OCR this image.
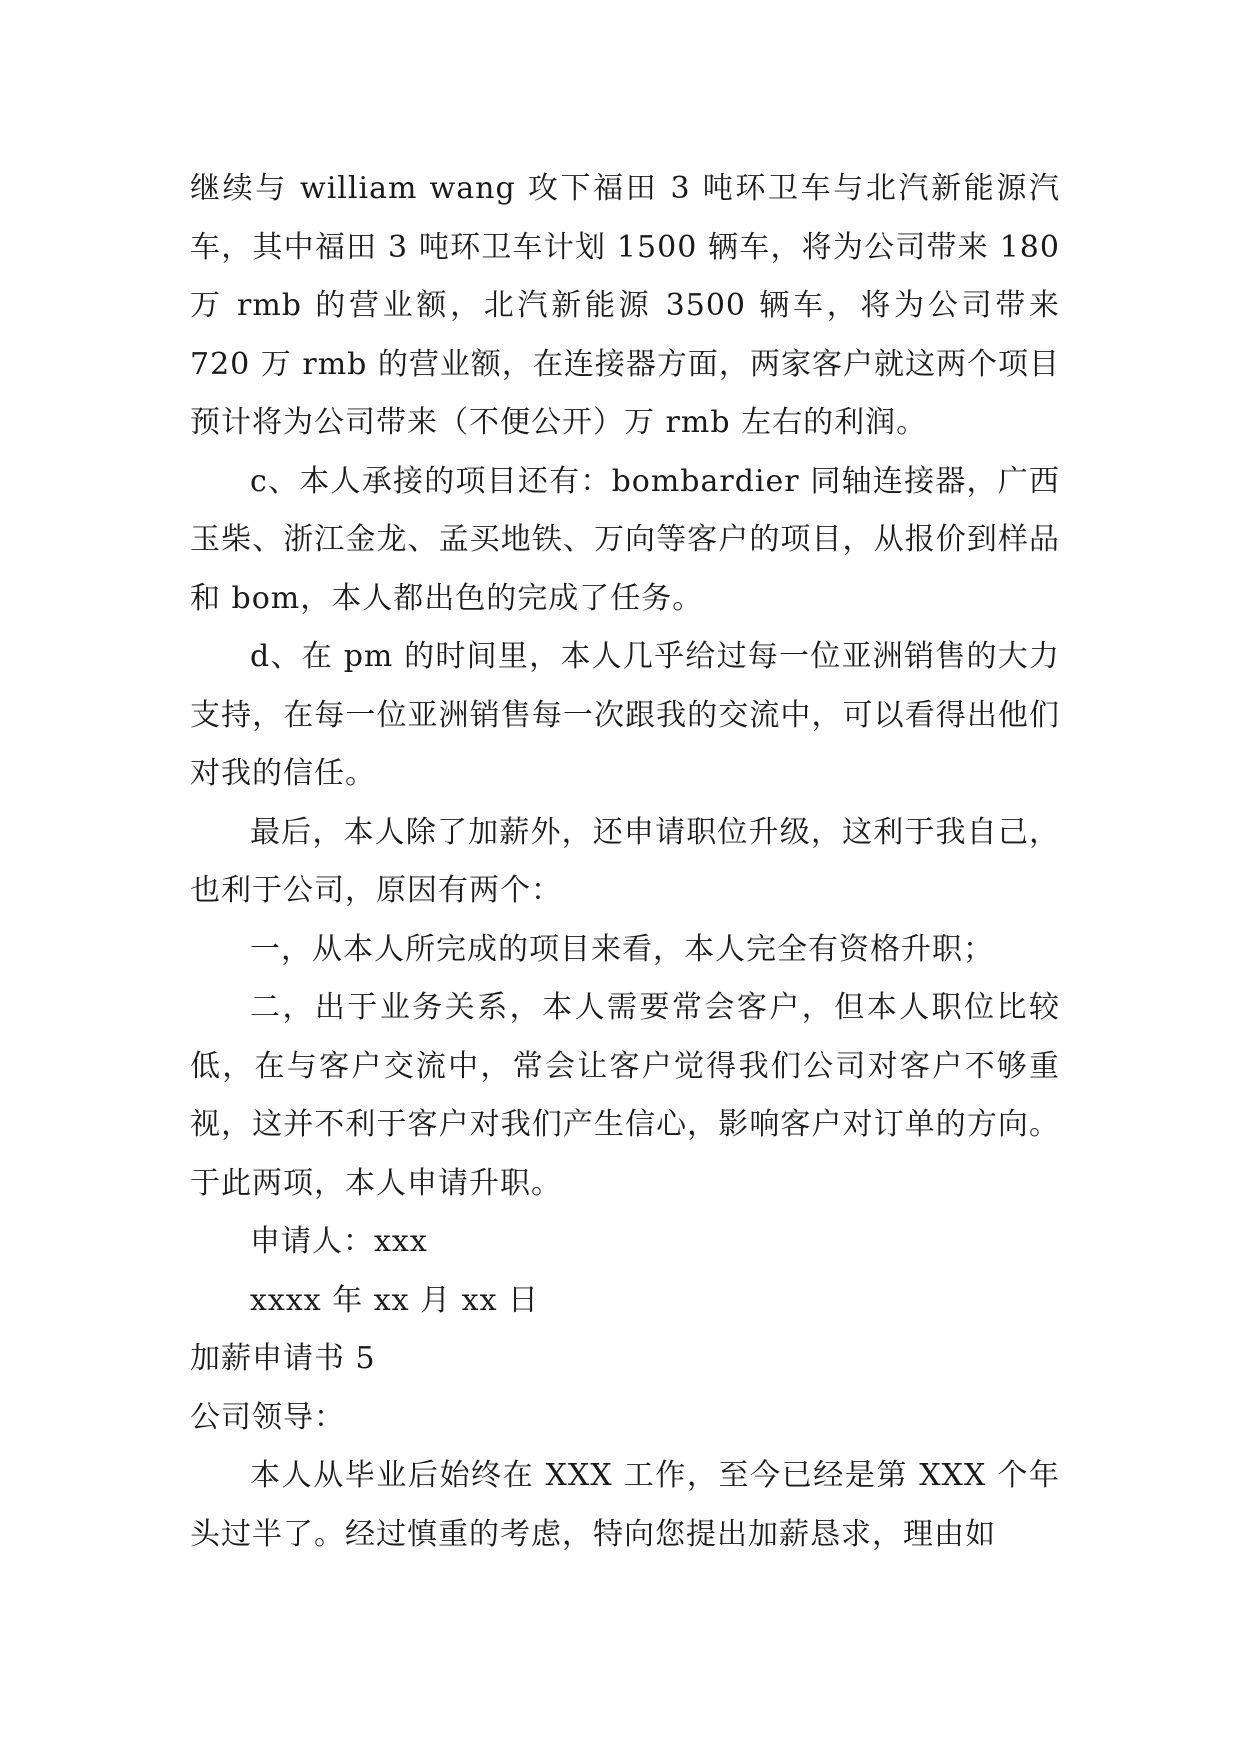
继续与 william wang 攻下福田 3 吨环卫车与北汽新能源汽车，其中福田 3 吨环卫车计划 1500 辆车，将为公司带来 180 万 rmb 的营业额，北汽新能源 3500 辆车，将为公司带来 720 万 rmb 的营业额，在连接器方面，两家客户就这两个项目预计将为公司带来（不便公开）万 rmb 左右的利润。

c、本人承接的项目还有：bombardier 同轴连接器，广西玉柴、浙江金龙、孟买地铁、万向等客户的项目，从报价到样品和 bom，本人都出色的完成了任务。

d、在 pm 的时间里，本人几乎给过每一位亚洲销售的大力支持，在每一位亚洲销售每一次跟我的交流中，可以看得出他们对我的信任。

最后，本人除了加薪外，还申请职位升级，这利于我自己，也利于公司，原因有两个：

一，从本人所完成的项目来看，本人完全有资格升职；

二，出于业务关系，本人需要常会客户，但本人职位比较低，在与客户交流中，常会让客户觉得我们公司对客户不够重视，这并不利于客户对我们产生信心，影响客户对订单的方向。于此两项，本人申请升职。

申请人：xxx

xxxx 年 xx 月 xx 日

加薪申请书 5

公司领导：

本人从毕业后始终在 XXX 工作，至今已经是第 XXX 个年头过半了。经过慎重的考虑，特向您提出加薪恳求，理由如
